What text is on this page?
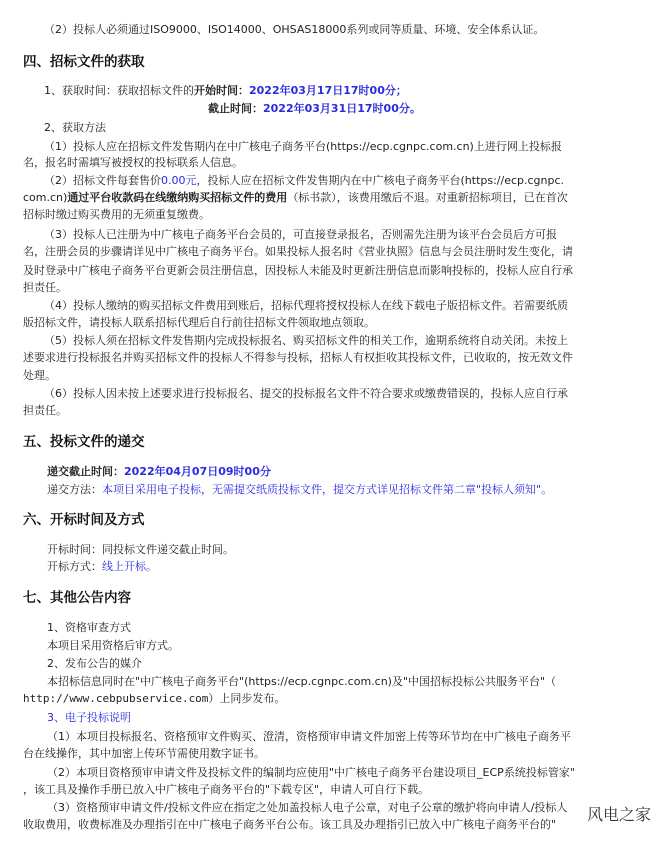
（2）投标人必须通过ISO9000、ISO14000、OHSAS18000系列或同等质量、环境、安全体系认证。
四、招标文件的获取
1、获取时间：获取招标文件的开始时间：2022年03月17日17时00分；
截止时间：2022年03月31日17时00分。
2、获取方法
（1）投标人应在招标文件发售期内在中广核电子商务平台(https://ecp.cgnpc.com.cn)上进行网上投标报
名，报名时需填写被授权的投标联系人信息。
（2）招标文件每套售价0.00元，投标人应在招标文件发售期内在中广核电子商务平台(https://ecp.cgnpc.
com.cn)通过平台收款码在线缴纳购买招标文件的费用（标书款），该费用缴后不退。对重新招标项目，已在首次
招标时缴过购买费用的无须重复缴费。
（3）投标人已注册为中广核电子商务平台会员的，可直接登录报名，否则需先注册为该平台会员后方可报
名，注册会员的步骤请详见中广核电子商务平台。如果投标人报名时《营业执照》信息与会员注册时发生变化，请
及时登录中广核电子商务平台更新会员注册信息，因投标人未能及时更新注册信息而影响投标的，投标人应自行承
担责任。
（4）投标人缴纳的购买招标文件费用到账后，招标代理将授权投标人在线下载电子版招标文件。若需要纸质
版招标文件，请投标人联系招标代理后自行前往招标文件领取地点领取。
（5）投标人须在招标文件发售期内完成投标报名、购买招标文件的相关工作，逾期系统将自动关闭。未按上
述要求进行投标报名并购买招标文件的投标人不得参与投标，招标人有权拒收其投标文件，已收取的，按无效文件
处理。
（6）投标人因未按上述要求进行投标报名、提交的投标报名文件不符合要求或缴费错误的，投标人应自行承
担责任。
五、投标文件的递交
递交截止时间：2022年04月07日09时00分
递交方法：本项目采用电子投标，无需提交纸质投标文件，提交方式详见招标文件第二章"投标人须知"。
六、开标时间及方式
开标时间：同投标文件递交截止时间。
开标方式：线上开标。
七、其他公告内容
1、资格审查方式
本项目采用资格后审方式。
2、发布公告的媒介
本招标信息同时在"中广核电子商务平台"(https://ecp.cgnpc.com.cn)及"中国招标投标公共服务平台"（
http://www.cebpubservice.com）上同步发布。
3、电子投标说明
（1）本项目投标报名、资格预审文件购买、澄清，资格预审申请文件加密上传等环节均在中广核电子商务平
台在线操作，其中加密上传环节需使用数字证书。
（2）本项目资格预审申请文件及投标文件的编制均应使用"中广核电子商务平台建设项目_ECP系统投标管家"
，该工具及操作手册已放入中广核电子商务平台的"下载专区"，申请人可自行下载。
（3）资格预审申请文件/投标文件应在指定之处加盖投标人电子公章，对电子公章的缴护将向申请人/投标人
收取费用，收费标准及办理指引在中广核电子商务平台公布。该工具及办理指引已放入中广核电子商务平台的"
风电之家
